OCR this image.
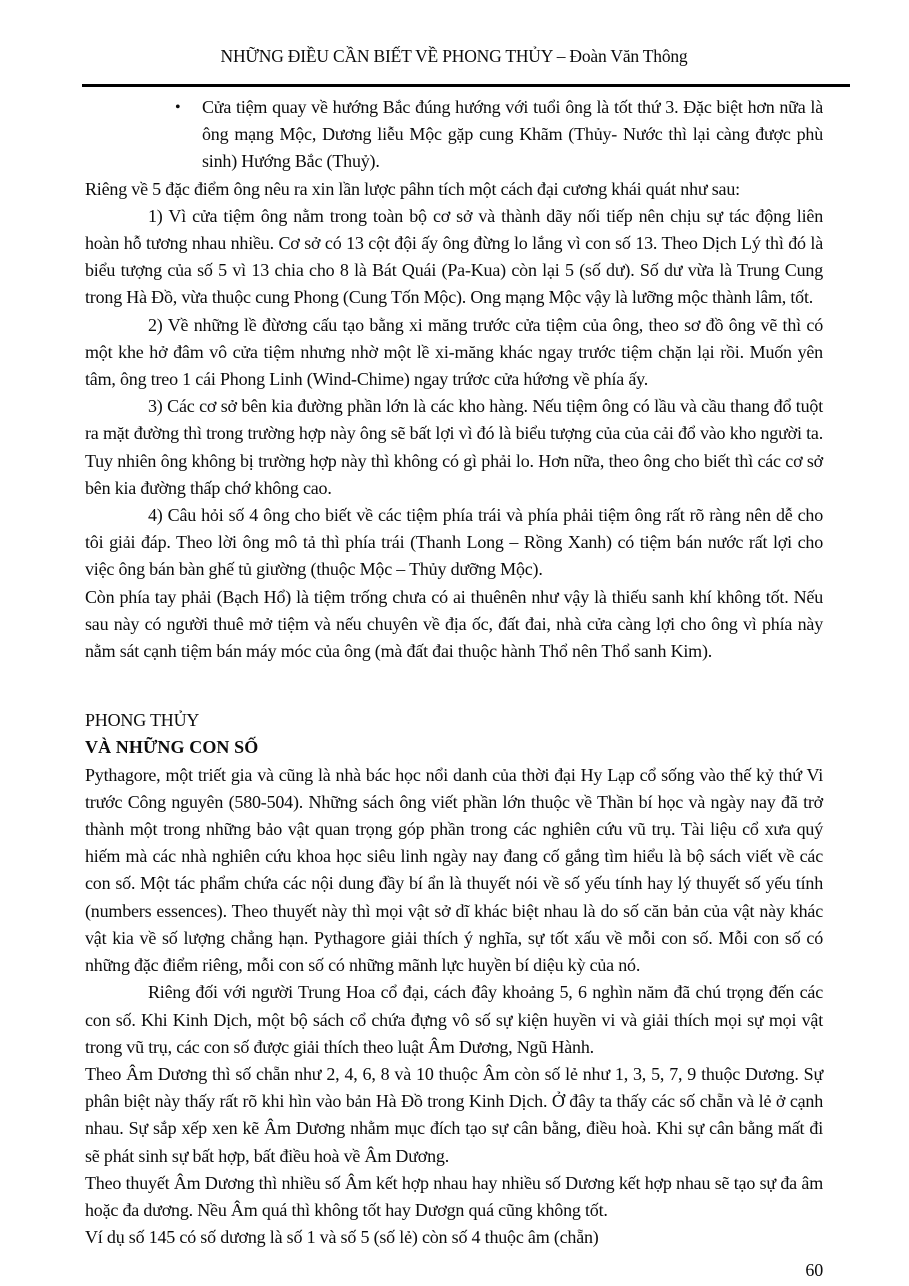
NHỮNG ĐIỀU CẦN BIẾT VỀ PHONG THỦY – Đoàn Văn Thông
•	Cửa tiệm quay về hướng Bắc đúng hướng với tuổi ông là tốt thứ 3. Đặc biệt hơn nữa là ông mạng Mộc, Dương liễu Mộc gặp cung Khãm (Thủy- Nước thì lại càng được phù sinh) Hướng Bắc (Thuỷ).

Riêng về 5 đặc điểm ông nêu ra xin lần lược pâhn tích một cách đại cương khái quát như sau:

1) Vì cửa tiệm ông nằm trong toàn bộ cơ sở và thành dãy nối tiếp nên chịu sự tác động liên hoàn hỗ tương nhau nhiều. Cơ sở có 13 cột đội ấy ông đừng lo lắng vì con số 13. Theo Dịch Lý thì đó là biểu tượng của số 5 vì 13 chia cho 8 là Bát Quái (Pa-Kua) còn lại 5 (số dư). Số dư vừa là Trung Cung trong Hà Đồ, vừa thuộc cung Phong (Cung Tốn Mộc). Ong mạng Mộc vậy là lưỡng mộc thành lâm, tốt.

2) Về những lề đừơng cấu tạo bằng xi măng trước cửa tiệm của ông, theo sơ đồ ông vẽ thì có một khe hở đâm vô cửa tiệm nhưng nhờ một lề xi-măng khác ngay trước tiệm chặn lại rồi. Muốn yên tâm, ông treo 1 cái Phong Linh (Wind-Chime) ngay trứơc cửa hứơng về phía ấy.

3) Các cơ sở bên kia đường phần lớn là các kho hàng. Nếu tiệm ông có lầu và cầu thang đổ tuột ra mặt đường thì trong trường hợp này ông sẽ bất lợi vì đó là biểu tượng của của cải đổ vào kho người ta. Tuy nhiên ông không bị trường hợp này thì không có gì phải lo. Hơn nữa, theo ông cho biết thì các cơ sở bên kia đường thấp chớ không cao.

4) Câu hỏi số 4 ông cho biết về các tiệm phía trái và phía phải tiệm ông rất rõ ràng nên dễ cho tôi giải đáp. Theo lời ông mô tả thì phía trái (Thanh Long – Rồng Xanh) có tiệm bán nước rất lợi cho việc ông bán bàn ghế tủ giường (thuộc Mộc – Thủy dưỡng Mộc).

Còn phía tay phải (Bạch Hổ) là tiệm trống chưa có ai thuênên như vậy là thiếu sanh khí không tốt. Nếu sau này có người thuê mở tiệm và nếu chuyên về địa ốc, đất đai, nhà cửa càng lợi cho ông vì phía này nằm sát cạnh tiệm bán máy móc của ông (mà đất đai thuộc hành Thổ nên Thổ sanh Kim).

PHONG THỦY
VÀ NHỮNG CON SỐ

Pythagore, một triết gia và cũng là nhà bác học nổi danh của thời đại Hy Lạp cổ sống vào thế kỷ thứ Vi trước Công nguyên (580-504). Những sách ông viết phần lớn thuộc về Thần bí học và ngày nay đã trở thành một trong những bảo vật quan trọng góp phần trong các nghiên cứu vũ trụ. Tài liệu cổ xưa quý hiếm mà các nhà nghiên cứu khoa học siêu linh ngày nay đang cố gắng tìm hiểu là bộ sách viết về các con số. Một tác phẩm chứa các nội dung đầy bí ẩn là thuyết nói về số yếu tính hay lý thuyết số yếu tính (numbers essences). Theo thuyết này thì mọi vật sở dĩ khác biệt nhau là do số căn bản của vật này khác vật kia về số lượng chẳng hạn. Pythagore giải thích ý nghĩa, sự tốt xấu về mỗi con số. Mỗi con số có những đặc điểm riêng, mỗi con số có những mãnh lực huyền bí diệu kỳ của nó.

Riêng đối với người Trung Hoa cổ đại, cách đây khoảng 5, 6 nghìn năm đã chú trọng đến các con số. Khi Kinh Dịch, một bộ sách cổ chứa đựng vô số sự kiện huyền vi và giải thích mọi sự mọi vật trong vũ trụ, các con số được giải thích theo luật Âm Dương, Ngũ Hành.

Theo Âm Dương thì số chẵn như 2, 4, 6, 8 và 10 thuộc Âm còn số lẻ như 1, 3, 5, 7, 9 thuộc Dương. Sự phân biệt này thấy rất rõ khi hìn vào bản Hà Đồ trong Kinh Dịch. Ở đây ta thấy các số chẵn và lẻ ở cạnh nhau. Sự sắp xếp xen kẽ Âm Dương nhằm mục đích tạo sự cân bằng, điều hoà. Khi sự cân bằng mất đi sẽ phát sinh sự bất hợp, bất điều hoà về Âm Dương.

Theo thuyết Âm Dương thì nhiều số Âm kết hợp nhau hay nhiều số Dương kết hợp nhau sẽ tạo sự đa âm hoặc đa dương. Nều Âm quá thì không tốt hay Dươgn quá cũng không tốt.

Ví dụ số 145 có số dương là số 1 và số 5 (số lẻ) còn số 4 thuộc âm (chẵn)

60
